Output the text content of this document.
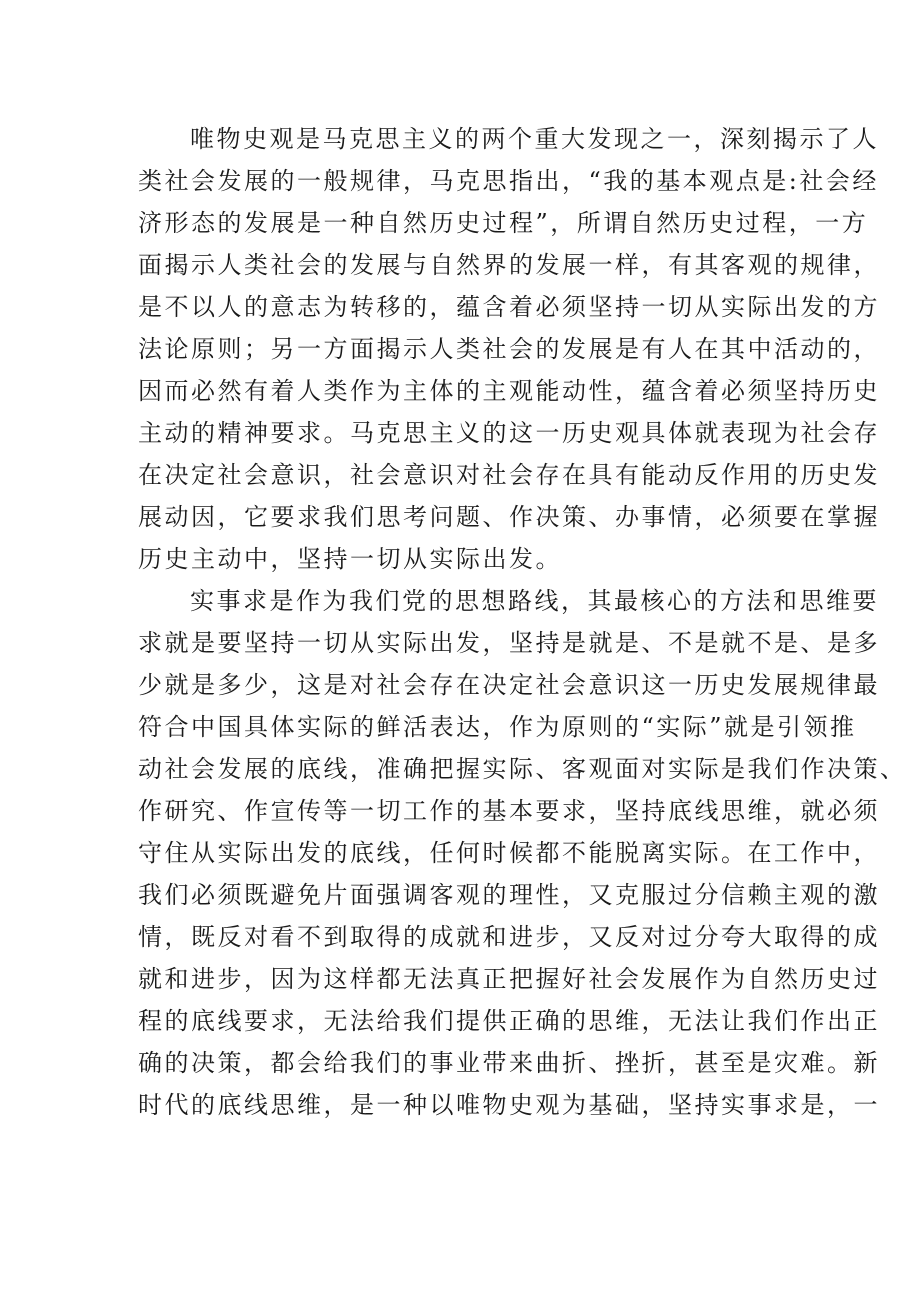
唯物史观是马克思主义的两个重大发现之一，深刻揭示了人
类社会发展的一般规律，马克思指出，“我的基本观点是:社会经
济形态的发展是一种自然历史过程”，所谓自然历史过程，一方
面揭示人类社会的发展与自然界的发展一样，有其客观的规律，
是不以人的意志为转移的，蕴含着必须坚持一切从实际出发的方
法论原则；另一方面揭示人类社会的发展是有人在其中活动的，
因而必然有着人类作为主体的主观能动性，蕴含着必须坚持历史
主动的精神要求。马克思主义的这一历史观具体就表现为社会存
在决定社会意识，社会意识对社会存在具有能动反作用的历史发
展动因，它要求我们思考问题、作决策、办事情，必须要在掌握
历史主动中，坚持一切从实际出发。
实事求是作为我们党的思想路线，其最核心的方法和思维要
求就是要坚持一切从实际出发，坚持是就是、不是就不是、是多
少就是多少，这是对社会存在决定社会意识这一历史发展规律最
符合中国具体实际的鲜活表达，作为原则的“实际”就是引领推
动社会发展的底线，准确把握实际、客观面对实际是我们作决策、
作研究、作宣传等一切工作的基本要求，坚持底线思维，就必须
守住从实际出发的底线，任何时候都不能脱离实际。在工作中，
我们必须既避免片面强调客观的理性，又克服过分信赖主观的激
情，既反对看不到取得的成就和进步，又反对过分夸大取得的成
就和进步，因为这样都无法真正把握好社会发展作为自然历史过
程的底线要求，无法给我们提供正确的思维，无法让我们作出正
确的决策，都会给我们的事业带来曲折、挫折，甚至是灾难。新
时代的底线思维，是一种以唯物史观为基础，坚持实事求是，一
